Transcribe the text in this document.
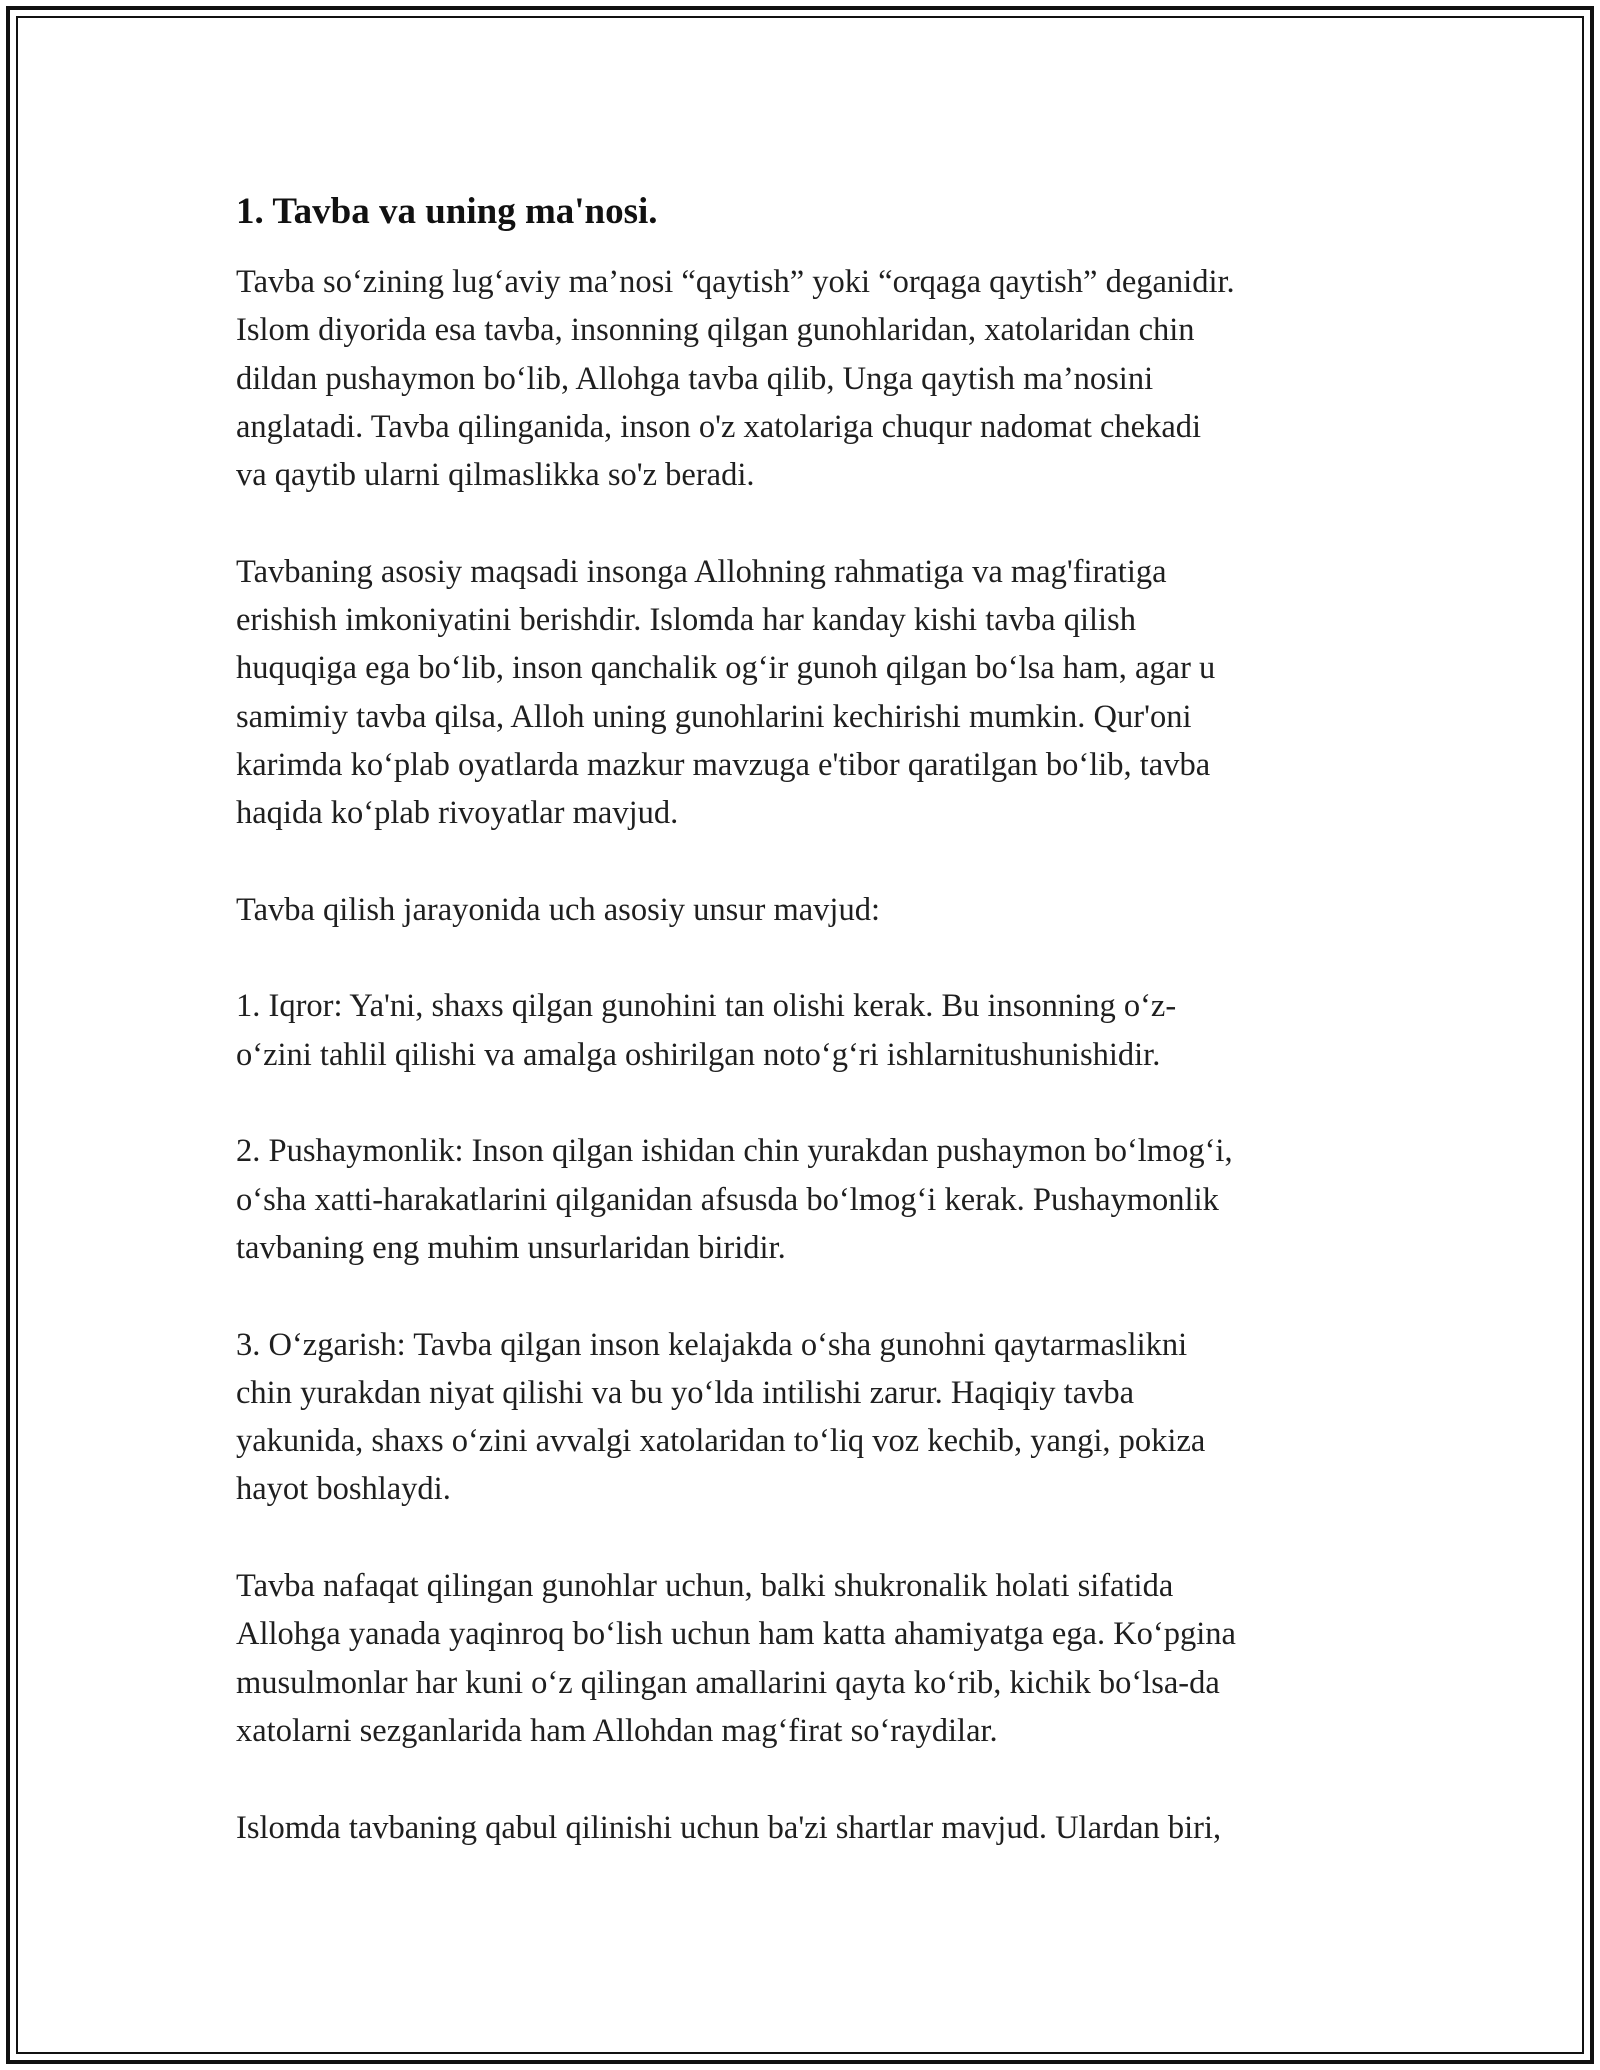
1. Tavba va uning ma'nosi.

Tavba so‘zining lug‘aviy ma’nosi “qaytish” yoki “orqaga qaytish” deganidir.
Islom diyorida esa tavba, insonning qilgan gunohlaridan, xatolaridan chin
dildan pushaymon bo‘lib, Allohga tavba qilib, Unga qaytish ma’nosini
anglatadi. Tavba qilinganida, inson o'z xatolariga chuqur nadomat chekadi
va qaytib ularni qilmaslikka so'z beradi.

Tavbaning asosiy maqsadi insonga Allohning rahmatiga va mag'firatiga
erishish imkoniyatini berishdir. Islomda har kanday kishi tavba qilish
huquqiga ega bo‘lib, inson qanchalik og‘ir gunoh qilgan bo‘lsa ham, agar u
samimiy tavba qilsa, Alloh uning gunohlarini kechirishi mumkin. Qur'oni
karimda ko‘plab oyatlarda mazkur mavzuga e'tibor qaratilgan bo‘lib, tavba
haqida ko‘plab rivoyatlar mavjud.

Tavba qilish jarayonida uch asosiy unsur mavjud:

1. Iqror: Ya'ni, shaxs qilgan gunohini tan olishi kerak. Bu insonning o‘z-
o‘zini tahlil qilishi va amalga oshirilgan noto‘g‘ri ishlarnitushunishidir.

2. Pushaymonlik: Inson qilgan ishidan chin yurakdan pushaymon bo‘lmog‘i,
o‘sha xatti-harakatlarini qilganidan afsusda bo‘lmog‘i kerak. Pushaymonlik
tavbaning eng muhim unsurlaridan biridir.

3. O‘zgarish: Tavba qilgan inson kelajakda o‘sha gunohni qaytarmaslikni
chin yurakdan niyat qilishi va bu yo‘lda intilishi zarur. Haqiqiy tavba
yakunida, shaxs o‘zini avvalgi xatolaridan to‘liq voz kechib, yangi, pokiza
hayot boshlaydi.

Tavba nafaqat qilingan gunohlar uchun, balki shukronalik holati sifatida
Allohga yanada yaqinroq bo‘lish uchun ham katta ahamiyatga ega. Ko‘pgina
musulmonlar har kuni o‘z qilingan amallarini qayta ko‘rib, kichik bo‘lsa-da
xatolarni sezganlarida ham Allohdan mag‘firat so‘raydilar.

Islomda tavbaning qabul qilinishi uchun ba'zi shartlar mavjud. Ulardan biri,
